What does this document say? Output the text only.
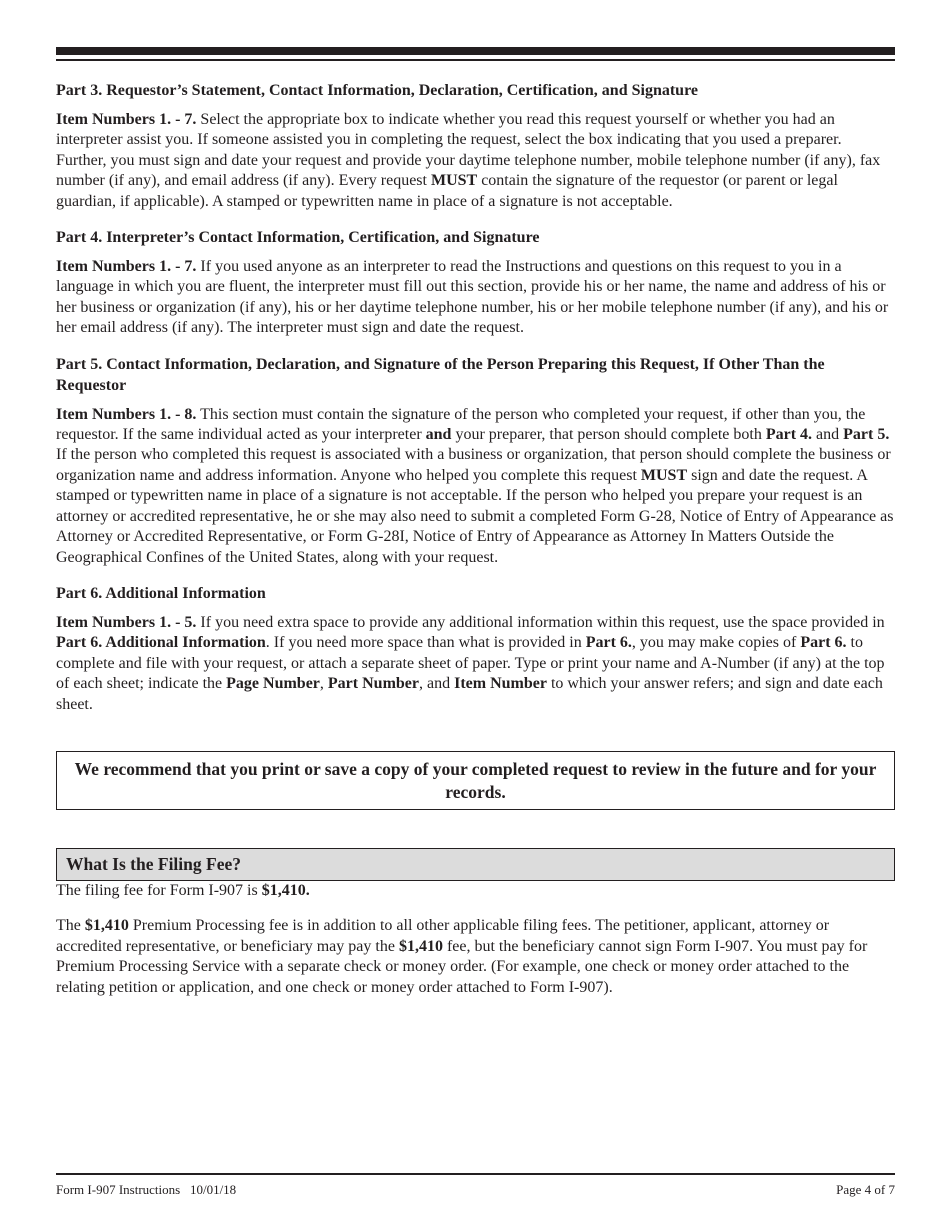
Part 3. Requestor’s Statement, Contact Information, Declaration, Certification, and Signature

Item Numbers 1. - 7. Select the appropriate box to indicate whether you read this request yourself or whether you had an interpreter assist you. If someone assisted you in completing the request, select the box indicating that you used a preparer. Further, you must sign and date your request and provide your daytime telephone number, mobile telephone number (if any), fax number (if any), and email address (if any). Every request MUST contain the signature of the requestor (or parent or legal guardian, if applicable). A stamped or typewritten name in place of a signature is not acceptable.

Part 4. Interpreter’s Contact Information, Certification, and Signature

Item Numbers 1. - 7. If you used anyone as an interpreter to read the Instructions and questions on this request to you in a language in which you are fluent, the interpreter must fill out this section, provide his or her name, the name and address of his or her business or organization (if any), his or her daytime telephone number, his or her mobile telephone number (if any), and his or her email address (if any). The interpreter must sign and date the request.

Part 5. Contact Information, Declaration, and Signature of the Person Preparing this Request, If Other Than the Requestor

Item Numbers 1. - 8. This section must contain the signature of the person who completed your request, if other than you, the requestor. If the same individual acted as your interpreter and your preparer, that person should complete both Part 4. and Part 5. If the person who completed this request is associated with a business or organization, that person should complete the business or organization name and address information. Anyone who helped you complete this request MUST sign and date the request. A stamped or typewritten name in place of a signature is not acceptable. If the person who helped you prepare your request is an attorney or accredited representative, he or she may also need to submit a completed Form G-28, Notice of Entry of Appearance as Attorney or Accredited Representative, or Form G-28I, Notice of Entry of Appearance as Attorney In Matters Outside the Geographical Confines of the United States, along with your request.

Part 6. Additional Information

Item Numbers 1. - 5. If you need extra space to provide any additional information within this request, use the space provided in Part 6. Additional Information. If you need more space than what is provided in Part 6., you may make copies of Part 6. to complete and file with your request, or attach a separate sheet of paper. Type or print your name and A-Number (if any) at the top of each sheet; indicate the Page Number, Part Number, and Item Number to which your answer refers; and sign and date each sheet.

We recommend that you print or save a copy of your completed request to review in the future and for your records.
What Is the Filing Fee?

The filing fee for Form I-907 is $1,410.

The $1,410 Premium Processing fee is in addition to all other applicable filing fees. The petitioner, applicant, attorney or accredited representative, or beneficiary may pay the $1,410 fee, but the beneficiary cannot sign Form I-907. You must pay for Premium Processing Service with a separate check or money order. (For example, one check or money order attached to the relating petition or application, and one check or money order attached to Form I-907).

Form I-907 Instructions   10/01/18	Page 4 of 7
